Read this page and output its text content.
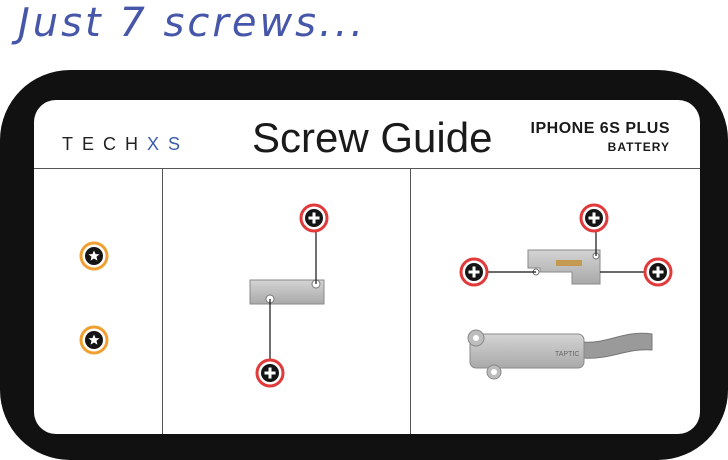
Just 7 screws...
TECHXS Screw Guide IPHONE 6S PLUS
BATTERY
TAPTIC
